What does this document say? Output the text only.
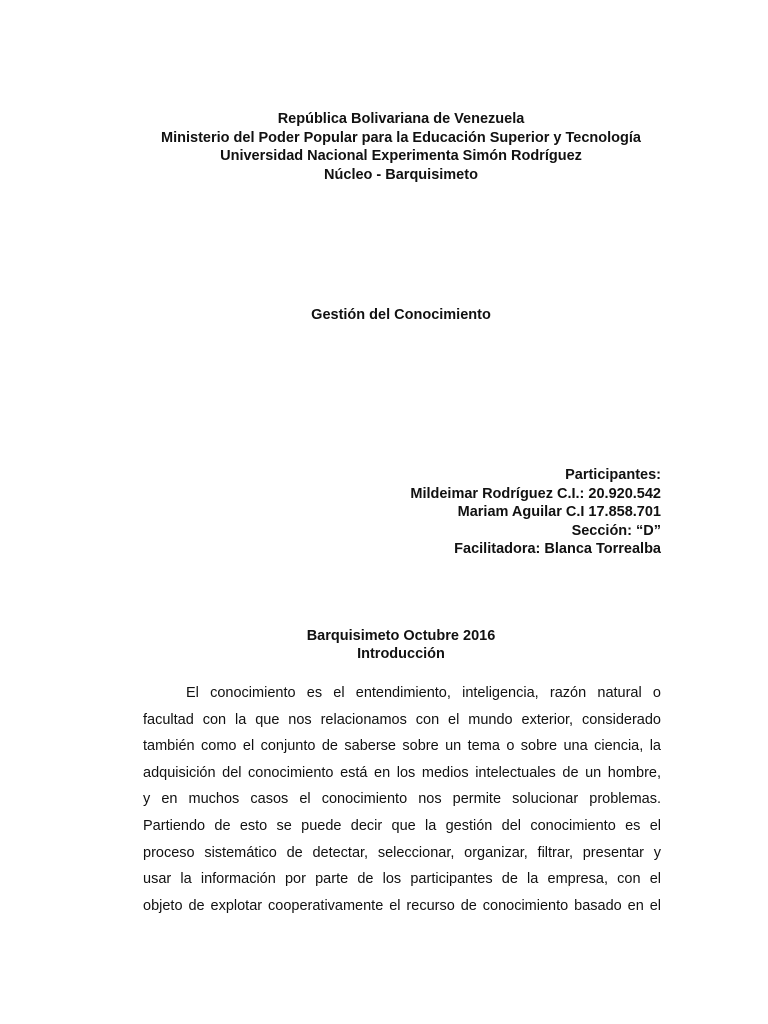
República Bolivariana de Venezuela
Ministerio del Poder Popular para la Educación Superior y Tecnología
Universidad Nacional Experimenta Simón Rodríguez
Núcleo - Barquisimeto
Gestión del Conocimiento
Participantes:
Mildeimar Rodríguez C.I.: 20.920.542
Mariam Aguilar C.I 17.858.701
Sección: “D”
Facilitadora: Blanca Torrealba
Barquisimeto Octubre 2016
Introducción
El conocimiento es el entendimiento, inteligencia, razón natural o
facultad con la que nos relacionamos con el mundo exterior, considerado
también como el conjunto de saberse sobre un tema o sobre una ciencia, la
adquisición del conocimiento está en los medios intelectuales de un hombre,
y en muchos casos el conocimiento nos permite solucionar problemas.
Partiendo de esto se puede decir que la gestión del conocimiento es el
proceso sistemático de detectar, seleccionar, organizar, filtrar, presentar y
usar la información por parte de los participantes de la empresa, con el
objeto de explotar cooperativamente el recurso de conocimiento basado en el
